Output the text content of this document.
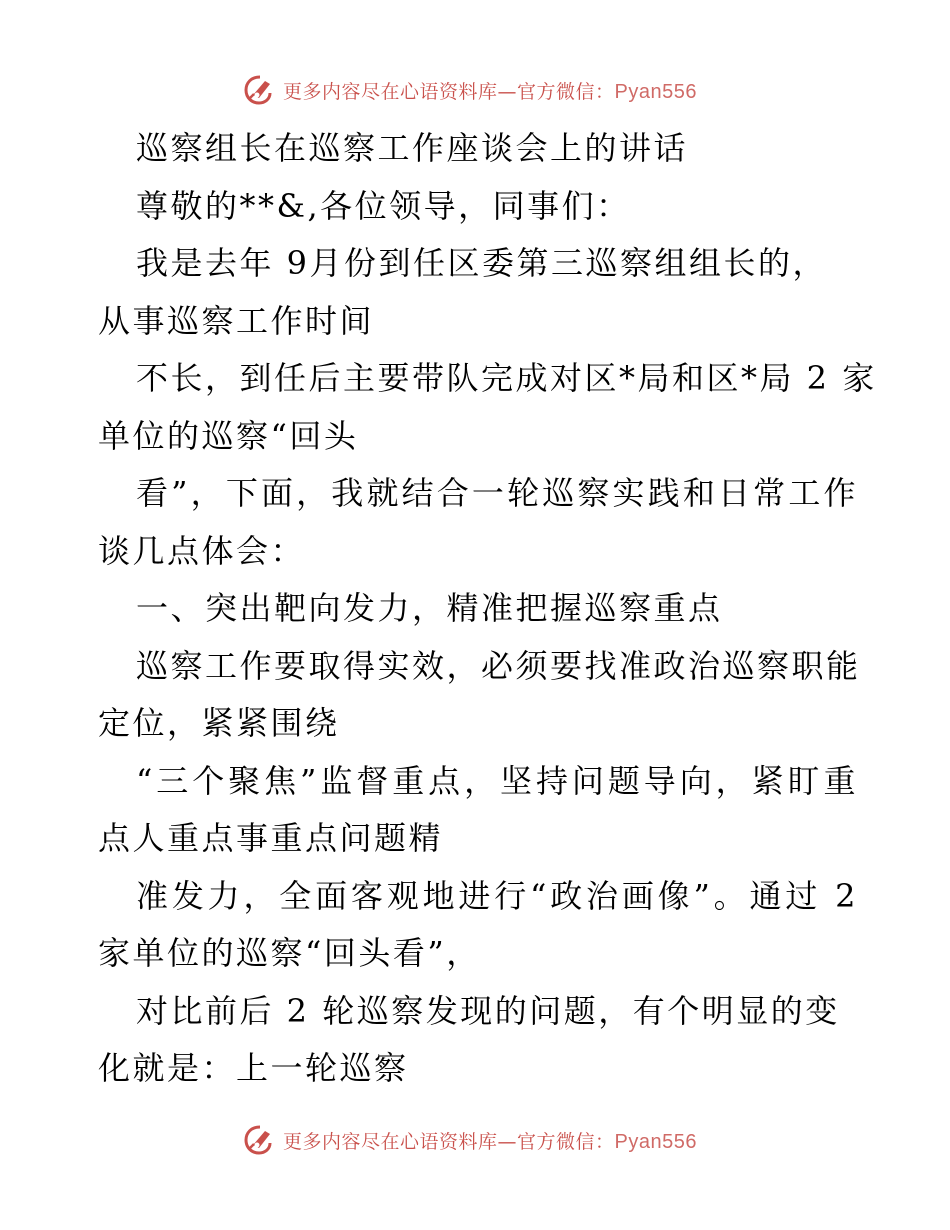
更多内容尽在心语资料库—官方微信：Pyan556

巡察组长在巡察工作座谈会上的讲话

尊敬的**&,各位领导，同事们：

我是去年 9月份到任区委第三巡察组组长的，

从事巡察工作时间

不长，到任后主要带队完成对区*局和区*局 2 家

单位的巡察“回头

看”，下面，我就结合一轮巡察实践和日常工作

谈几点体会：

一、突出靶向发力，精准把握巡察重点

巡察工作要取得实效，必须要找准政治巡察职能

定位，紧紧围绕

“三个聚焦”监督重点，坚持问题导向，紧盯重

点人重点事重点问题精

准发力，全面客观地进行“政治画像”。通过 2

家单位的巡察“回头看”，

对比前后 2 轮巡察发现的问题，有个明显的变

化就是：上一轮巡察

更多内容尽在心语资料库—官方微信：Pyan556
